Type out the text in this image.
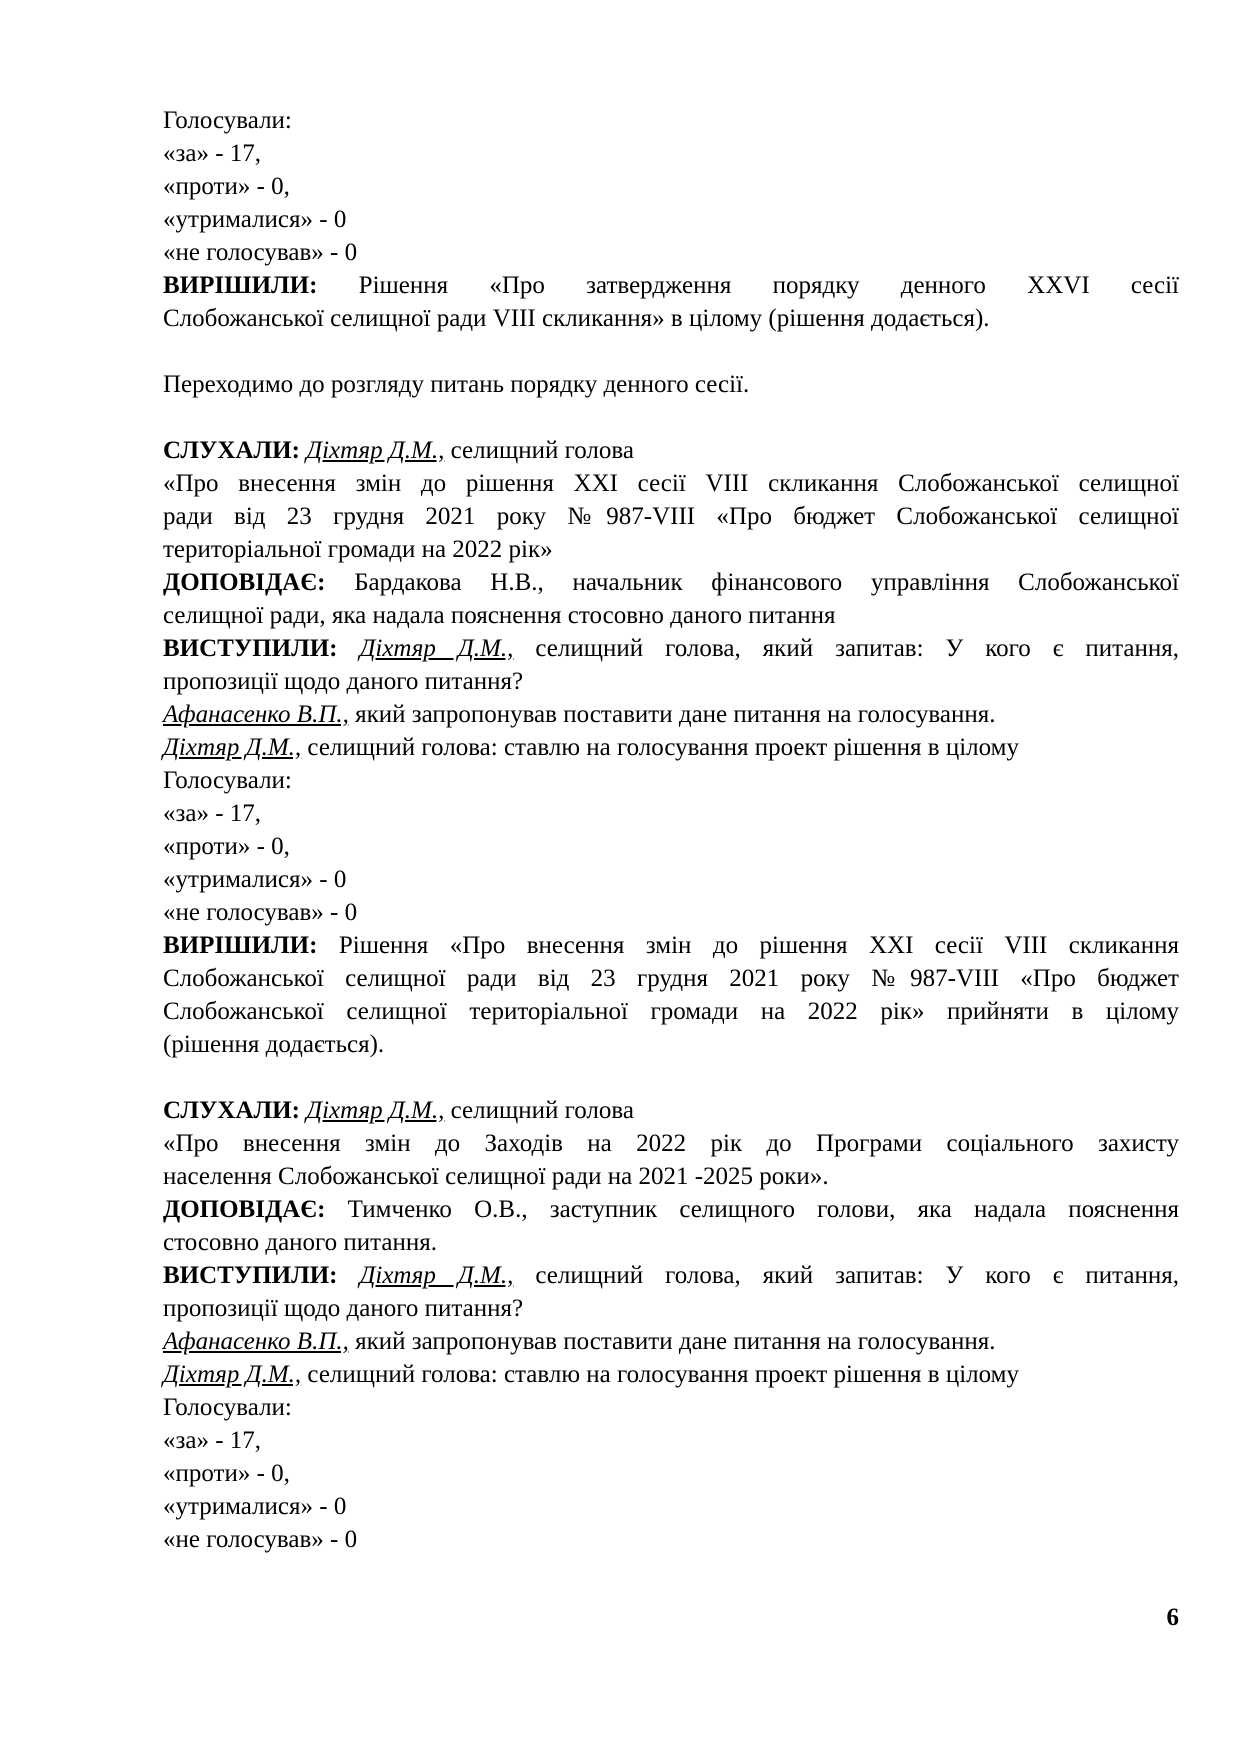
Голосували:
«за» - 17,
«проти» - 0,
«утрималися» - 0
«не голосував» - 0
ВИРІШИЛИ: Рішення «Про затвердження порядку денного XXVI сесії
Слобожанської селищної ради VIII скликання» в цілому (рішення додається).
Переходимо до розгляду питань порядку денного сесії.
СЛУХАЛИ: Діхтяр Д.М., селищний голова
«Про внесення змін до рішення XXI сесії VIII скликання Слобожанської селищної
ради від 23 грудня 2021 року №987-VIII «Про бюджет Слобожанської селищної
територіальної громади на 2022 рік»
ДОПОВІДАЄ: Бардакова Н.В., начальник фінансового управління Слобожанської
селищної ради, яка надала пояснення стосовно даного питання
ВИСТУПИЛИ: Діхтяр Д.М., селищний голова, який запитав: У кого є питання,
пропозиції щодо даного питання?
Афанасенко В.П., який запропонував поставити дане питання на голосування.
Діхтяр Д.М., селищний голова: ставлю на голосування проект рішення в цілому
Голосували:
«за» - 17,
«проти» - 0,
«утрималися» - 0
«не голосував» - 0
ВИРІШИЛИ: Рішення «Про внесення змін до рішення XXI сесії VIII скликання
Слобожанської селищної ради від 23 грудня 2021 року №987-VIII «Про бюджет
Слобожанської селищної територіальної громади на 2022 рік» прийняти в цілому
(рішення додається).
СЛУХАЛИ: Діхтяр Д.М., селищний голова
«Про внесення змін до Заходів на 2022 рік до Програми соціального захисту
населення Слобожанської селищної ради на 2021 -2025 роки».
ДОПОВІДАЄ: Тимченко О.В., заступник селищного голови, яка надала пояснення
стосовно даного питання.
ВИСТУПИЛИ: Діхтяр Д.М., селищний голова, який запитав: У кого є питання,
пропозиції щодо даного питання?
Афанасенко В.П., який запропонував поставити дане питання на голосування.
Діхтяр Д.М., селищний голова: ставлю на голосування проект рішення в цілому
Голосували:
«за» - 17,
«проти» - 0,
«утрималися» - 0
«не голосував» - 0
6
